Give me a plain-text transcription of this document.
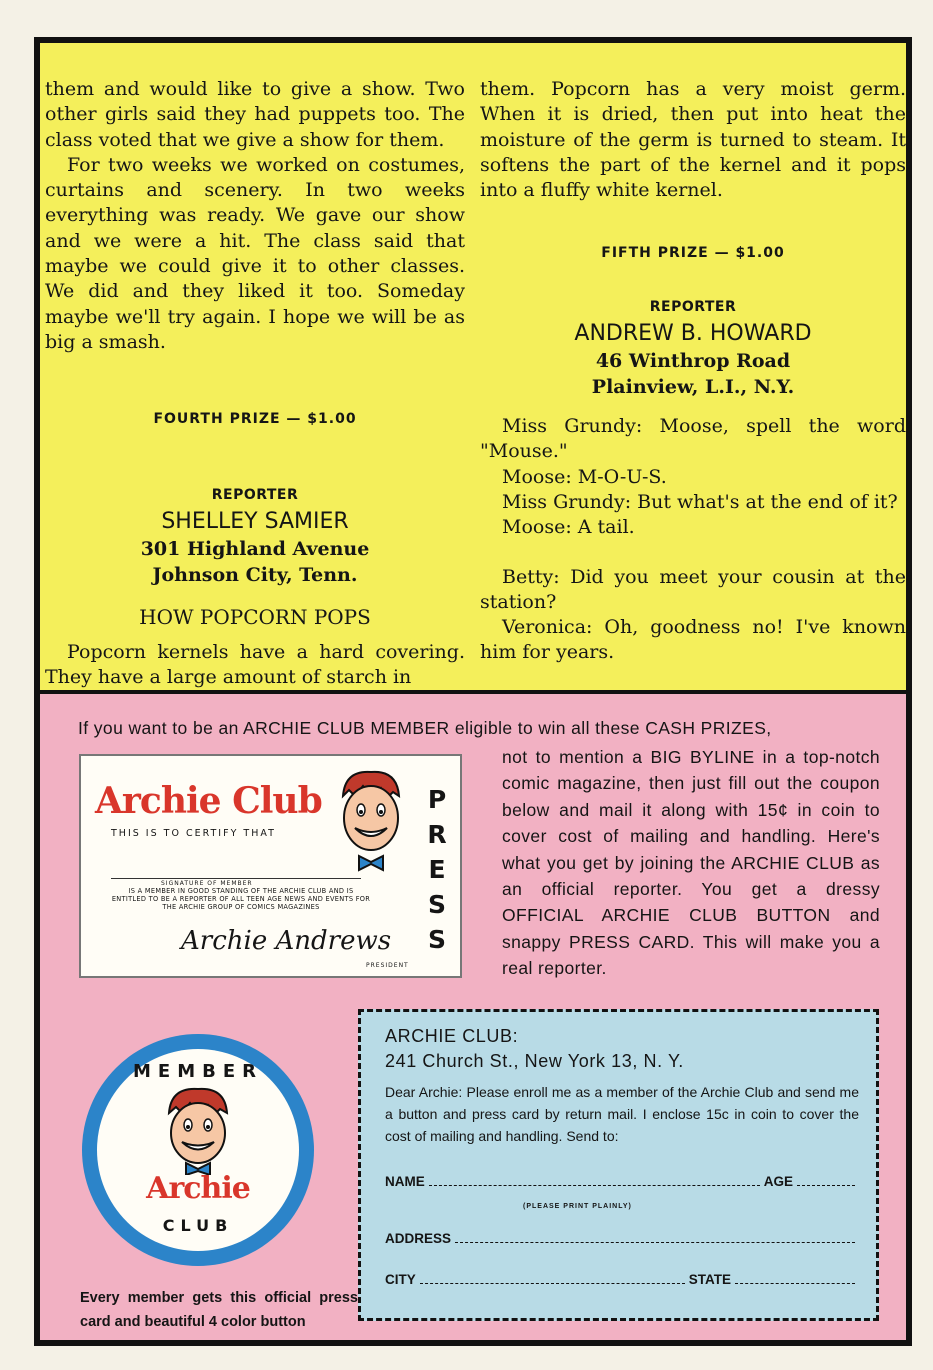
them and would like to give a show. Two other girls said they had puppets too. The class voted that we give a show for them.

For two weeks we worked on costumes, curtains and scenery. In two weeks everything was ready. We gave our show and we were a hit. The class said that maybe we could give it to other classes. We did and they liked it too. Someday maybe we'll try again. I hope we will be as big a smash.

FOURTH PRIZE — $1.00
REPORTER
SHELLEY SAMIER
301 Highland Avenue
Johnson City, Tenn.
HOW POPCORN POPS

Popcorn kernels have a hard covering. They have a large amount of starch in

them. Popcorn has a very moist germ. When it is dried, then put into heat the moisture of the germ is turned to steam. It softens the part of the kernel and it pops into a fluffy white kernel.

FIFTH PRIZE — $1.00
REPORTER
ANDREW B. HOWARD
46 Winthrop Road
Plainview, L.I., N.Y.

Miss Grundy: Moose, spell the word "Mouse."

Moose: M-O-U-S.

Miss Grundy: But what's at the end of it?

Moose: A tail.

Betty: Did you meet your cousin at the station?

Veronica: Oh, goodness no! I've known him for years.

If you want to be an ARCHIE CLUB MEMBER eligible to win all these CASH PRIZES,
not to mention a BIG BYLINE in a top-notch comic magazine, then just fill out the coupon below and mail it along with 15¢ in coin to cover cost of mailing and handling. Here's what you get by joining the ARCHIE CLUB as an official reporter. You get a dressy OFFICIAL ARCHIE CLUB BUTTON and snappy PRESS CARD. This will make you a real reporter.
Archie Club
THIS IS TO CERTIFY THAT
SIGNATURE OF MEMBER
IS A MEMBER IN GOOD STANDING OF THE ARCHIE CLUB AND IS ENTITLED TO BE A REPORTER OF ALL TEEN AGE NEWS AND EVENTS FOR THE ARCHIE GROUP OF COMICS MAGAZINES
Archie Andrews
PRESIDENT
P
R
E
S
S
MEMBER
Archie
CLUB
Every member gets this official press card and beautiful 4 color button
ARCHIE CLUB:
241 Church St., New York 13, N. Y.
Dear Archie: Please enroll me as a member of the Archie Club and send me a button and press card by return mail. I enclose 15c in coin to cover the cost of mailing and handling. Send to:
NAME	AGE
(PLEASE PRINT PLAINLY)
ADDRESS
CITY	STATE
